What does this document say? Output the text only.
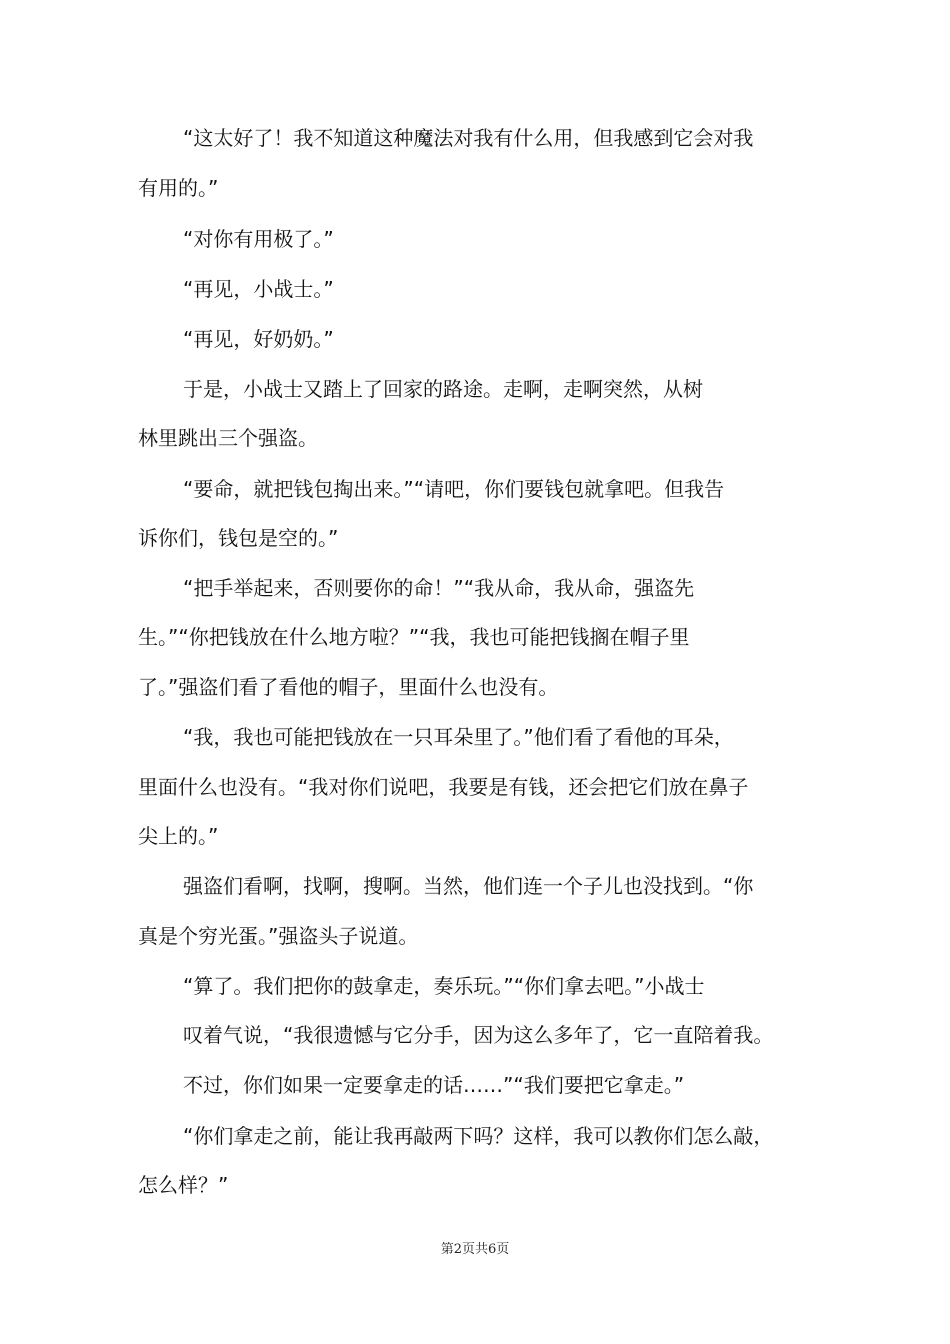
“这太好了！我不知道这种魔法对我有什么用，但我感到它会对我
有用的。”
“对你有用极了。”
“再见，小战士。”
“再见，好奶奶。”
于是，小战士又踏上了回家的路途。走啊，走啊突然，从树
林里跳出三个强盗。
“要命，就把钱包掏出来。”“请吧，你们要钱包就拿吧。但我告
诉你们，钱包是空的。”
“把手举起来，否则要你的命！”“我从命，我从命，强盗先
生。”“你把钱放在什么地方啦？”“我，我也可能把钱搁在帽子里
了。”强盗们看了看他的帽子，里面什么也没有。
“我，我也可能把钱放在一只耳朵里了。”他们看了看他的耳朵，
里面什么也没有。“我对你们说吧，我要是有钱，还会把它们放在鼻子
尖上的。”
强盗们看啊，找啊，搜啊。当然，他们连一个子儿也没找到。“你
真是个穷光蛋。”强盗头子说道。
“算了。我们把你的鼓拿走，奏乐玩。”“你们拿去吧。”小战士
叹着气说，“我很遗憾与它分手，因为这么多年了，它一直陪着我。
不过，你们如果一定要拿走的话……”“我们要把它拿走。”
“你们拿走之前，能让我再敲两下吗？这样，我可以教你们怎么敲，
怎么样？”
第2页共6页
